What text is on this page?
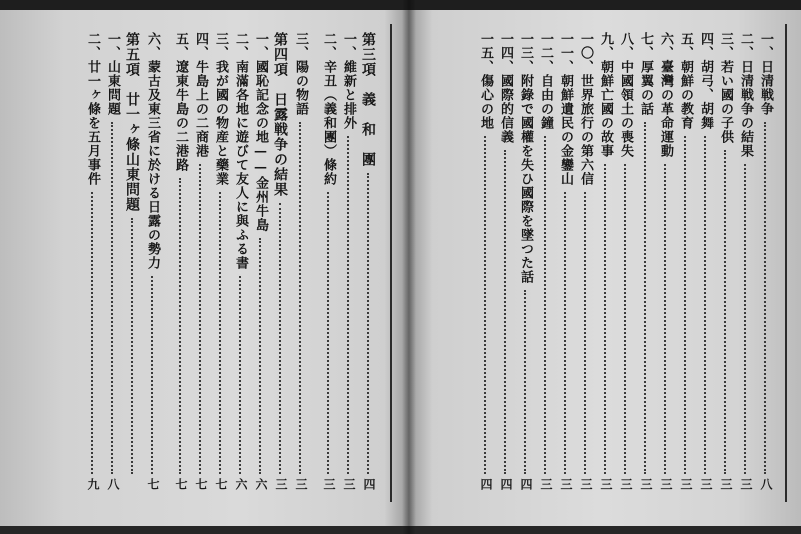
一、日清戦争
八
二、日清戦争の結果
三
三、若い國の子供
三
四、胡弓、胡舞
三
五、朝鮮の教育
三
六、臺灣の革命運動
三
七、厚翼の話
三
八、中國領土の喪失
三
九、朝鮮亡國の故事
三
一〇、世界旅行の第六信
三
一一、朝鮮遺民の金鑾山
三
一二、自由の鐘
三
一三、附錄で國權を失ひ國際を墜つた話
四
一四、國際的信義
四
一五、傷心の地
四
第三項　義　和　團
四
一、維新と排外
三
二、辛丑（義和團）條約
三
三、陽の物語
三
第四項　日露戦争の結果
三
一、國恥記念の地——金州牛島
六
二、南滿各地に遊びて友人に與ふる書
六
三、我が國の物産と藥業
七
四、牛島上の二商港
七
五、遼東牛島の二港路
七
六、蒙古及東三省に於ける日露の勢力
七
第五項　廿一ヶ條山東問題
一、山東問題
八
二、廿一ヶ條を五月事件
九
